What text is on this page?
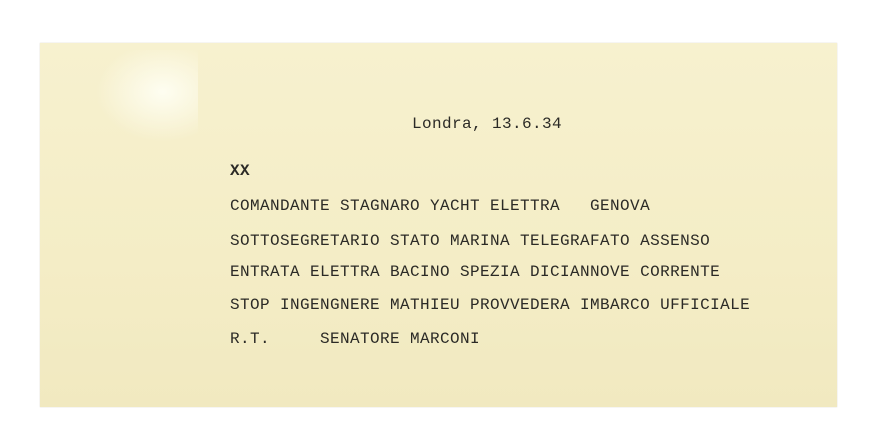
Londra, 13.6.34
XX
COMANDANTE STAGNARO YACHT ELETTRA   GENOVA
SOTTOSEGRETARIO STATO MARINA TELEGRAFATO ASSENSO
ENTRATA ELETTRA BACINO SPEZIA DICIANNOVE CORRENTE
STOP INGENGNERE MATHIEU PROVVEDERA IMBARCO UFFICIALE
R.T.     SENATORE MARCONI
